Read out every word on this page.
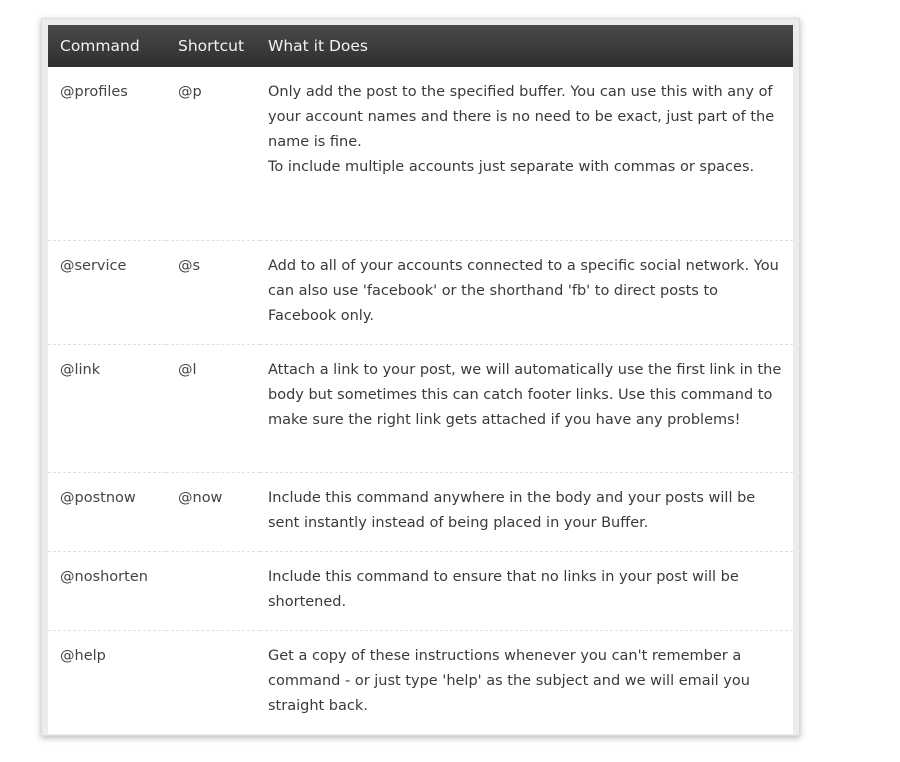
Command	Shortcut	What it Does
@profiles	@p	Only add the post to the specified buffer. You can use this with any of your account names and there is no need to be exact, just part of the name is fine.
To include multiple accounts just separate with commas or spaces.
@service	@s	Add to all of your accounts connected to a specific social network. You can also use 'facebook' or the shorthand 'fb' to direct posts to Facebook only.
@link	@l	Attach a link to your post, we will automatically use the first link in the body but sometimes this can catch footer links. Use this command to make sure the right link gets attached if you have any problems!
@postnow	@now	Include this command anywhere in the body and your posts will be sent instantly instead of being placed in your Buffer.
@noshorten		Include this command to ensure that no links in your post will be shortened.
@help		Get a copy of these instructions whenever you can't remember a command - or just type 'help' as the subject and we will email you straight back.
